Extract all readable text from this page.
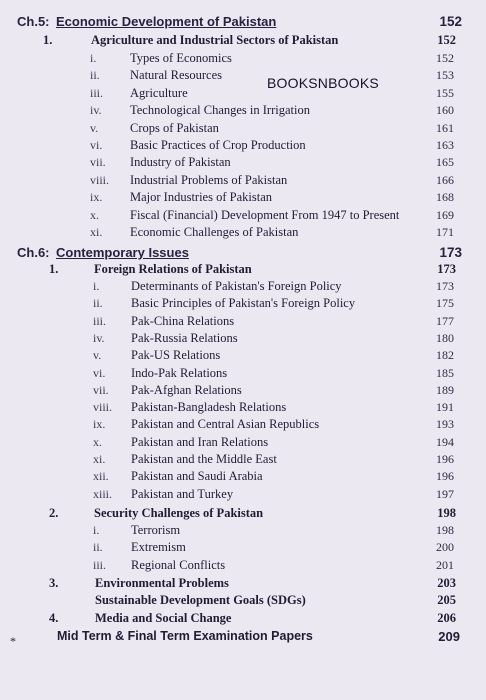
Ch.5: Economic Development of Pakistan	152
1.	Agriculture and Industrial Sectors of Pakistan	152
i.	Types of Economics	152
ii. Natural Resources	153
iii. Agriculture	155
iv. Technological Changes in Irrigation	160
v.	Crops of Pakistan	161
vi. Basic Practices of Crop Production	163
vii. Industry of Pakistan	165
viii. Industrial Problems of Pakistan	166
ix. Major Industries of Pakistan	168
x. Fiscal (Financial) Development From 1947 to Present	169
xi. Economic Challenges of Pakistan	171
Ch.6: Contemporary Issues	173
1.	Foreign Relations of Pakistan	173
i.	Determinants of Pakistan's Foreign Policy	173
ii. Basic Principles of Pakistan's Foreign Policy	175
iii. Pak-China Relations	177
iv. Pak-Russia Relations	180
v. Pak-US Relations	182
vi. Indo-Pak Relations	185
vii. Pak-Afghan Relations	189
viii. Pakistan-Bangladesh Relations	191
ix. Pakistan and Central Asian Republics	193
x. Pakistan and Iran Relations	194
xi. Pakistan and the Middle East	196
xii. Pakistan and Saudi Arabia	196
xiii. Pakistan and Turkey	197
2.	Security Challenges of Pakistan	198
i.	Terrorism	198
ii. Extremism	200
iii. Regional Conflicts	201
3.	Environmental Problems	203
Sustainable Development Goals (SDGs)	205
4.	Media and Social Change	206
*	Mid Term & Final Term Examination Papers	209
BOOKSNBOOKS
